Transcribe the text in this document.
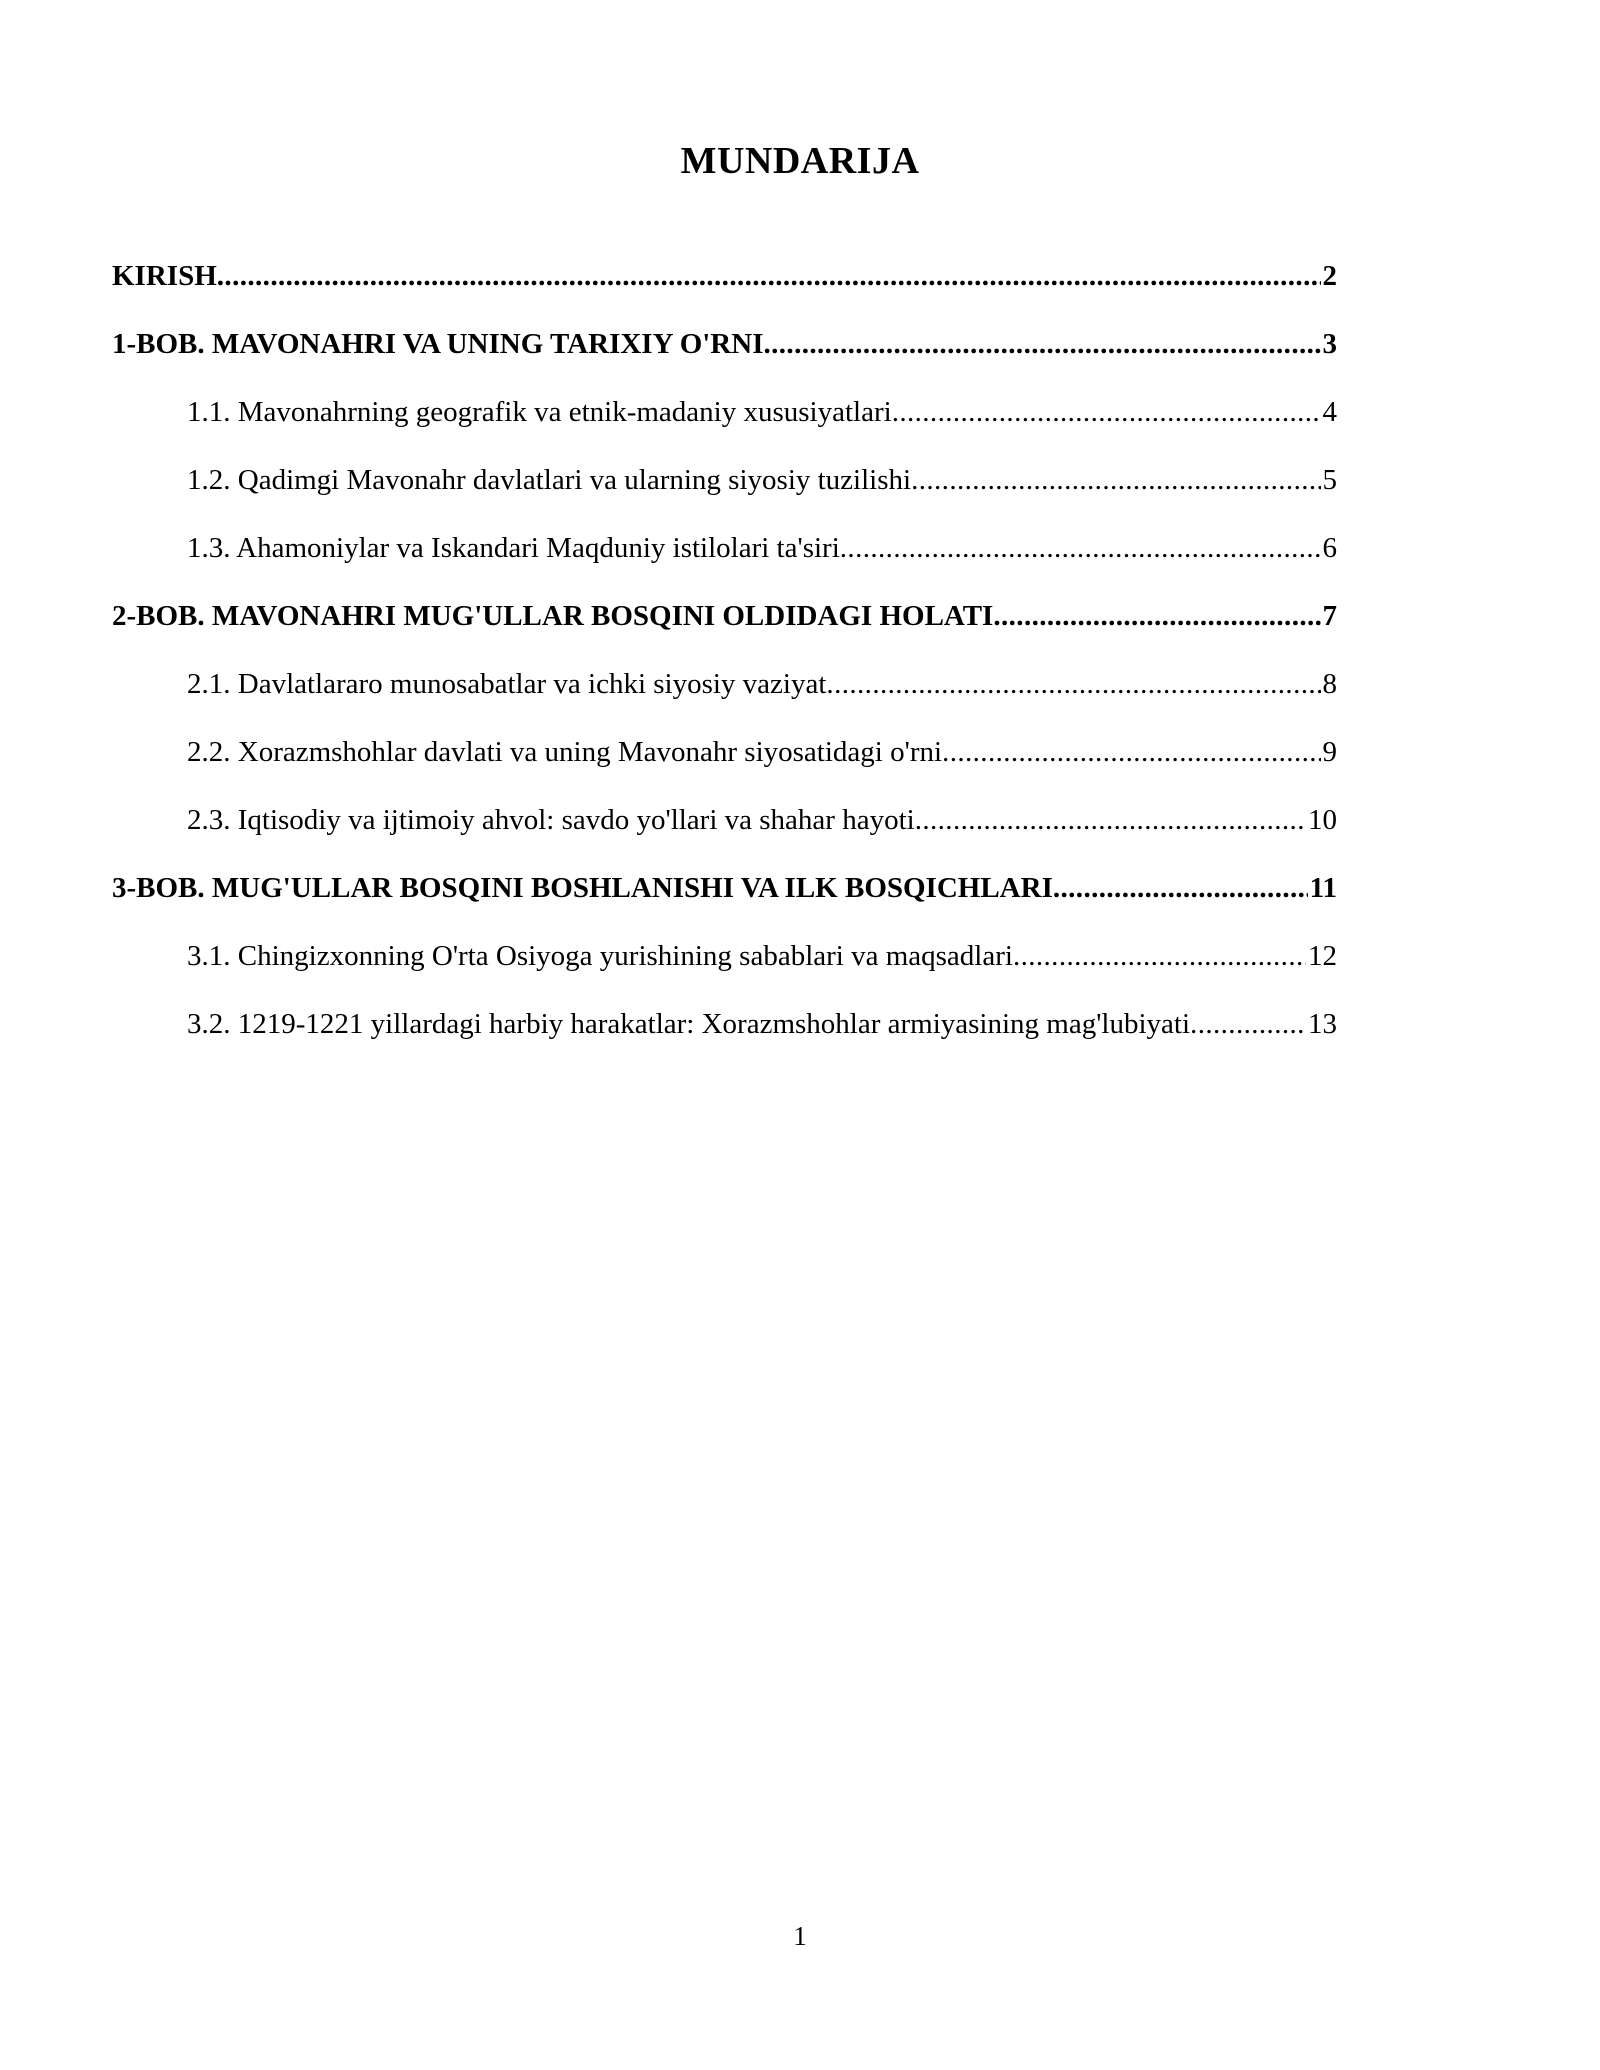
MUNDARIJA
KIRISH .....	2
1-BOB. MAVONAHRI VA UNING TARIXIY O'RNI .....	3
1.1. Mavonahrning geografik va etnik-madaniy xususiyatlari .....	4
1.2. Qadimgi Mavonahr davlatlari va ularning siyosiy tuzilishi .....	5
1.3. Ahamoniylar va Iskandari Maqduniy istilolari ta'siri .....	6
2-BOB. MAVONAHRI MUG'ULLAR BOSQINI OLDIDAGI HOLATI .....	7
2.1. Davlatlararo munosabatlar va ichki siyosiy vaziyat .....	8
2.2. Xorazmshohlar davlati va uning Mavonahr siyosatidagi o'rni .....	9
2.3. Iqtisodiy va ijtimoiy ahvol: savdo yo'llari va shahar hayoti .....	10
3-BOB. MUG'ULLAR BOSQINI BOSHLANISHI VA ILK BOSQICHLARI .....	11
3.1. Chingizxonning O'rta Osiyoga yurishining sabablari va maqsadlari .....	12
3.2. 1219-1221 yillardagi harbiy harakatlar: Xorazmshohlar armiyasining mag'lubiyati .....	13
1
